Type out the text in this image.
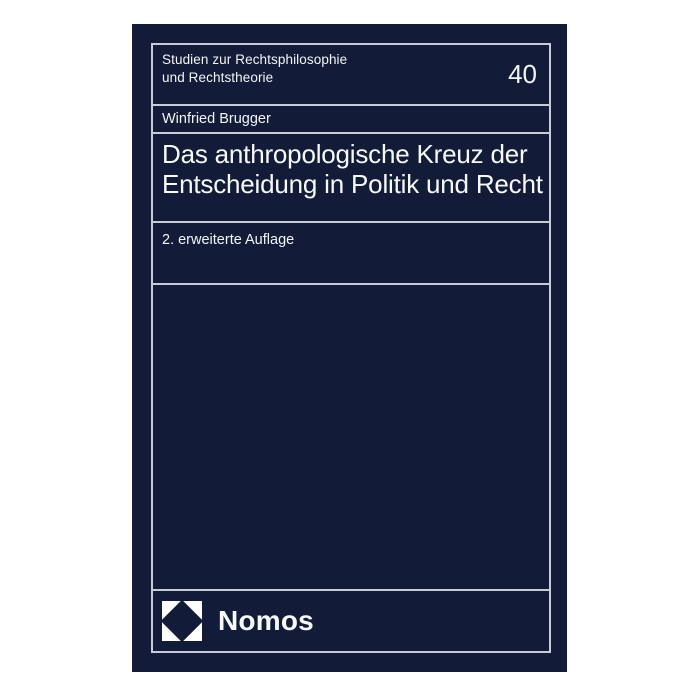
Studien zur Rechtsphilosophie
und Rechtstheorie	40
Winfried Brugger
Das anthropologische Kreuz der
Entscheidung in Politik und Recht
2. erweiterte Auflage
Nomos
